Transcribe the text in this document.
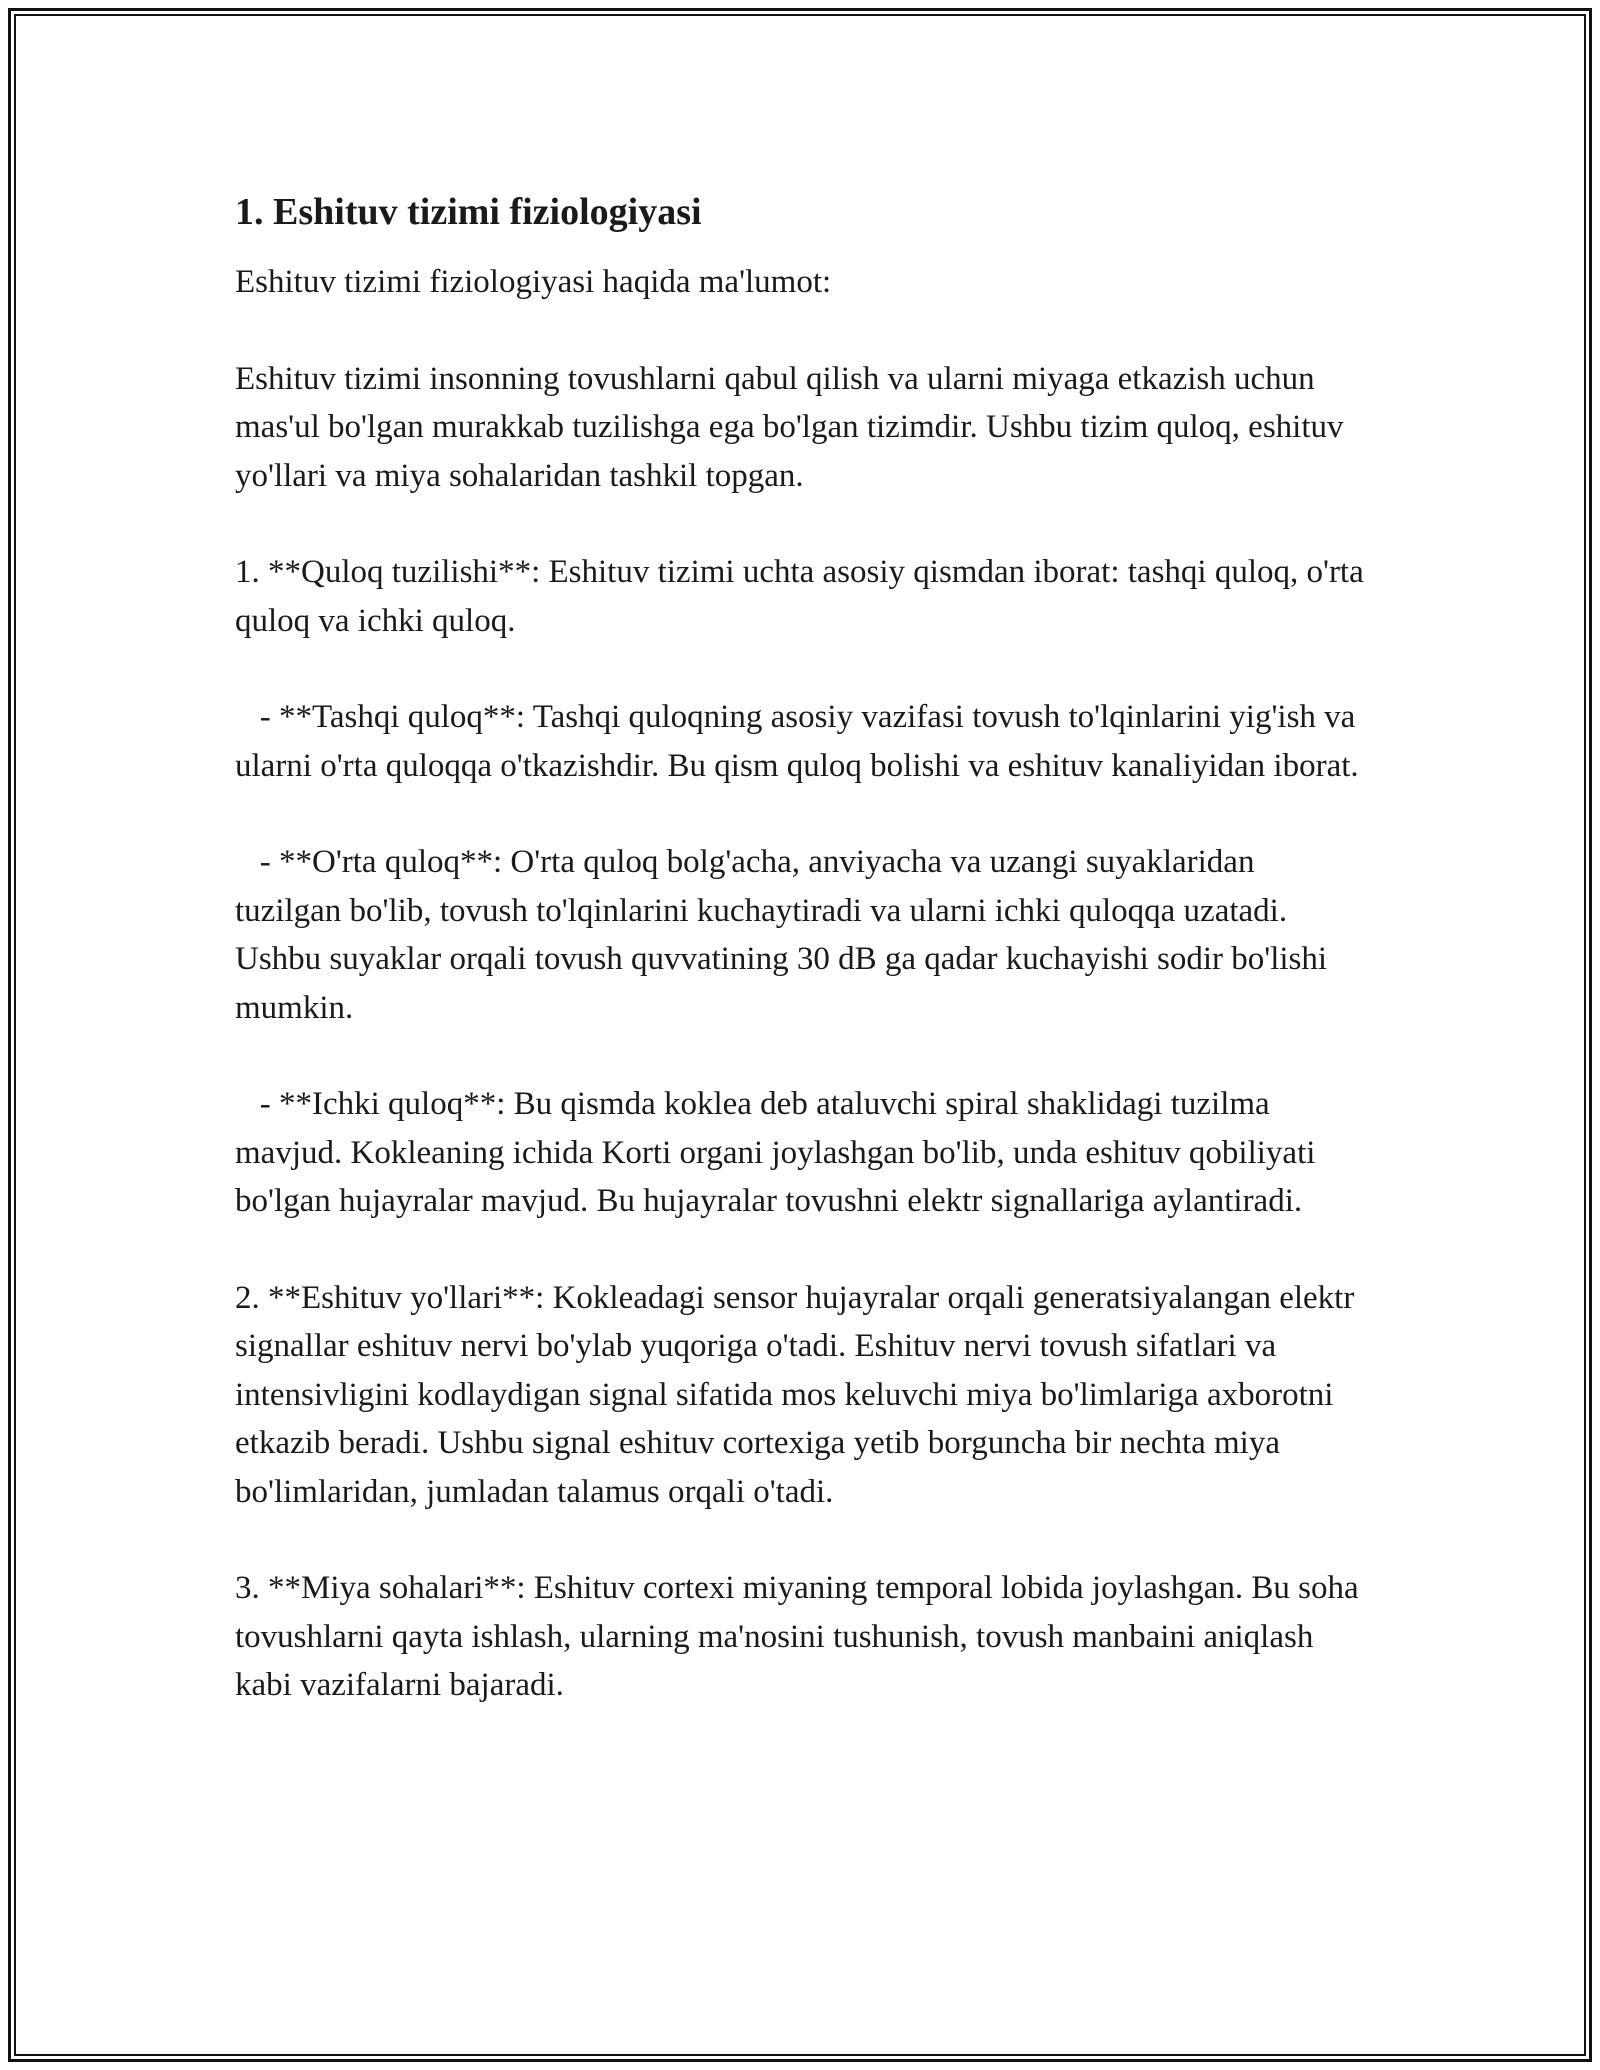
1. Eshituv tizimi fiziologiyasi

Eshituv tizimi fiziologiyasi haqida ma'lumot:

Eshituv tizimi insonning tovushlarni qabul qilish va ularni miyaga etkazish uchun mas'ul bo'lgan murakkab tuzilishga ega bo'lgan tizimdir. Ushbu tizim quloq, eshituv yo'llari va miya sohalaridan tashkil topgan.

1. **Quloq tuzilishi**: Eshituv tizimi uchta asosiy qismdan iborat: tashqi quloq, o'rta quloq va ichki quloq.

- **Tashqi quloq**: Tashqi quloqning asosiy vazifasi tovush to'lqinlarini yig'ish va ularni o'rta quloqqa o'tkazishdir. Bu qism quloq bolishi va eshituv kanaliyidan iborat.

- **O'rta quloq**: O'rta quloq bolg'acha, anviyacha va uzangi suyaklaridan tuzilgan bo'lib, tovush to'lqinlarini kuchaytiradi va ularni ichki quloqqa uzatadi. Ushbu suyaklar orqali tovush quvvatining 30 dB ga qadar kuchayishi sodir bo'lishi mumkin.

- **Ichki quloq**: Bu qismda koklea deb ataluvchi spiral shaklidagi tuzilma mavjud. Kokleaning ichida Korti organi joylashgan bo'lib, unda eshituv qobiliyati bo'lgan hujayralar mavjud. Bu hujayralar tovushni elektr signallariga aylantiradi.

2. **Eshituv yo'llari**: Kokleadagi sensor hujayralar orqali generatsiyalangan elektr signallar eshituv nervi bo'ylab yuqoriga o'tadi. Eshituv nervi tovush sifatlari va intensivligini kodlaydigan signal sifatida mos keluvchi miya bo'limlariga axborotni etkazib beradi. Ushbu signal eshituv cortexiga yetib borguncha bir nechta miya bo'limlaridan, jumladan talamus orqali o'tadi.

3. **Miya sohalari**: Eshituv cortexi miyaning temporal lobida joylashgan. Bu soha tovushlarni qayta ishlash, ularning ma'nosini tushunish, tovush manbaini aniqlash kabi vazifalarni bajaradi.
